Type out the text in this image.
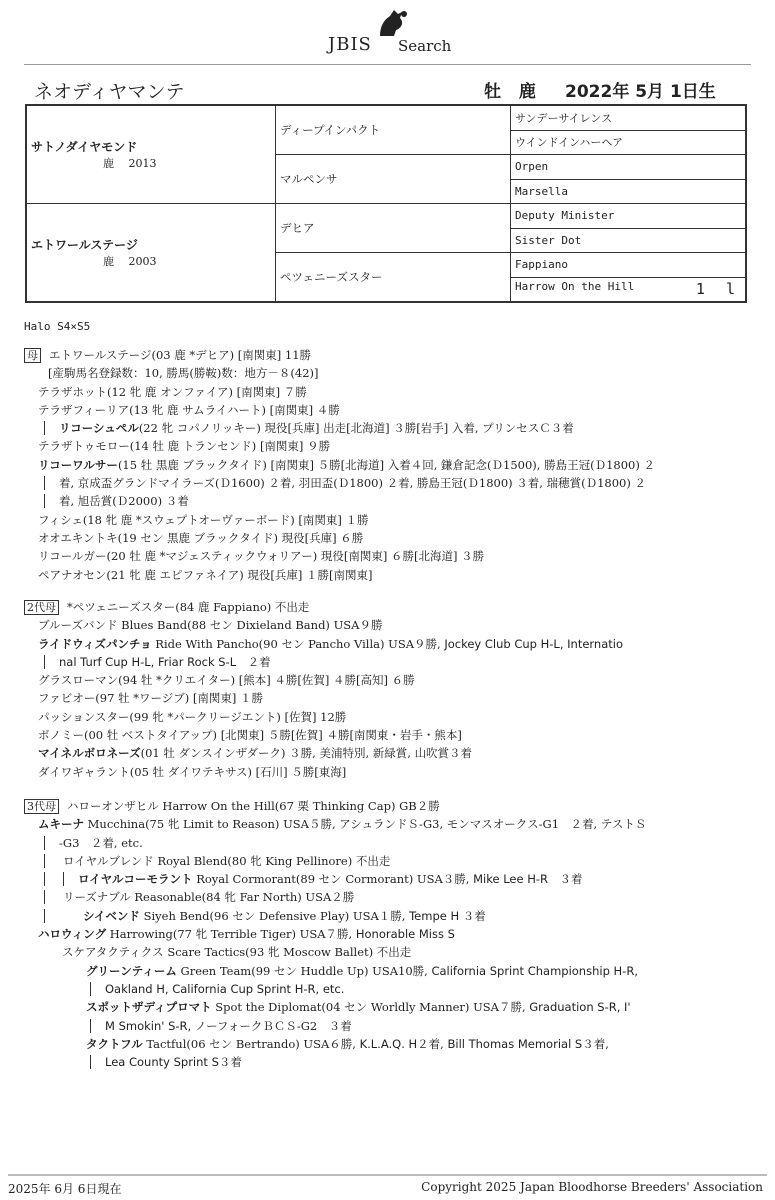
JBIS Search
ネオディヤマンテ	牡 鹿 2022年 5月 1日生
サトノダイヤモンド
鹿　 2013	ディープインパクト	サンデーサイレンス
		ウインドインハーヘア
	マルペンサ	Orpen
		Marsella

エトワールステージ
鹿　 2003	デヒア	Deputy Minister
		Sister Dot
	ペツェニーズスター	Fappiano
		Harrow On the Hill 1 l
Halo S4×S5
母 エトワールステージ(03 鹿 *デヒア) [南関東] 11勝
[産駒馬名登録数：10, 勝馬(勝鞍)数：地方－８(42)]
テラザホット(12 牝 鹿 オンファイア) [南関東] ７勝
テラザフィーリア(13 牝 鹿 サムライハート) [南関東] ４勝
リコーシュペル(22 牝 コパノリッキー) 現役[兵庫] 出走[北海道] ３勝[岩手] 入着, プリンセスＣ３着
テラザトゥモロー(14 牡 鹿 トランセンド) [南関東] ９勝
リコーワルサー(15 牡 黒鹿 ブラックタイド) [南関東] ５勝[北海道] 入着４回, 鎌倉記念(Ｄ1500), 勝島王冠(Ｄ1800) ２
着, 京成盃グランドマイラーズ(Ｄ1600) ２着, 羽田盃(Ｄ1800) ２着, 勝島王冠(Ｄ1800) ３着, 瑞穂賞(Ｄ1800) ２
着, 旭岳賞(Ｄ2000) ３着
フィシェ(18 牝 鹿 *スウェプトオーヴァーボード) [南関東] １勝
オオエキントキ(19 セン 黒鹿 ブラックタイド) 現役[兵庫] ６勝
リコールガー(20 牡 鹿 *マジェスティックウォリアー) 現役[南関東] ６勝[北海道] ３勝
ペアナオセン(21 牝 鹿 エピファネイア) 現役[兵庫] １勝[南関東]
2代母 *ペツェニーズスター(84 鹿 Fappiano) 不出走
ブルーズバンド Blues Band(88 セン Dixieland Band) USA９勝
ライドウィズパンチョ Ride With Pancho(90 セン Pancho Villa) USA９勝, Jockey Club Cup H-L, Internatio
nal Turf Cup H-L, Friar Rock S-L　 ２着
グラスローマン(94 牡 *クリエイター) [熊本] ４勝[佐賀] ４勝[高知] ６勝
ファビオー(97 牡 *ワージブ) [南関東] １勝
パッションスター(99 牝 *パークリージエント) [佐賀] 12勝
ボノミー(00 牡 ベストタイアップ) [北関東] ５勝[佐賀] ４勝[南関東・岩手・熊本]
マイネルボロネーズ(01 牡 ダンスインザダーク) ３勝, 美浦特別, 新緑賞, 山吹賞３着
ダイワギャラント(05 牡 ダイワテキサス) [石川] ５勝[東海]
3代母 ハローオンザヒル Harrow On the Hill(67 栗 Thinking Cap) GB２勝
ムキーナ Mucchina(75 牝 Limit to Reason) USA５勝, アシュランドＳ-G3, モンマスオークス-G1　２着, テストＳ
-G3　２着, etc.
ロイヤルブレンド Royal Blend(80 牝 King Pellinore) 不出走
ロイヤルコーモラント Royal Cormorant(89 セン Cormorant) USA３勝, Mike Lee H-R　 ３着
リーズナブル Reasonable(84 牝 Far North) USA２勝
シイベンド Siyeh Bend(96 セン Defensive Play) USA１勝, Tempe H ３着
ハロウィング Harrowing(77 牝 Terrible Tiger) USA７勝, Honorable Miss S
スケアタクティクス Scare Tactics(93 牝 Moscow Ballet) 不出走
グリーンティーム Green Team(99 セン Huddle Up) USA10勝, California Sprint Championship H-R,
Oakland H, California Cup Sprint H-R, etc.
スポットザディプロマト Spot the Diplomat(04 セン Worldly Manner) USA７勝, Graduation S-R, I'
M Smokin' S-R, ノーフォークＢＣＳ-G2　 ３着
タクトフル Tactful(06 セン Bertrando) USA６勝, K.L.A.Q. H２着, Bill Thomas Memorial S３着,
Lea County Sprint S３着
2025年 6月 6日現在	Copyright 2025 Japan Bloodhorse Breeders' Association
